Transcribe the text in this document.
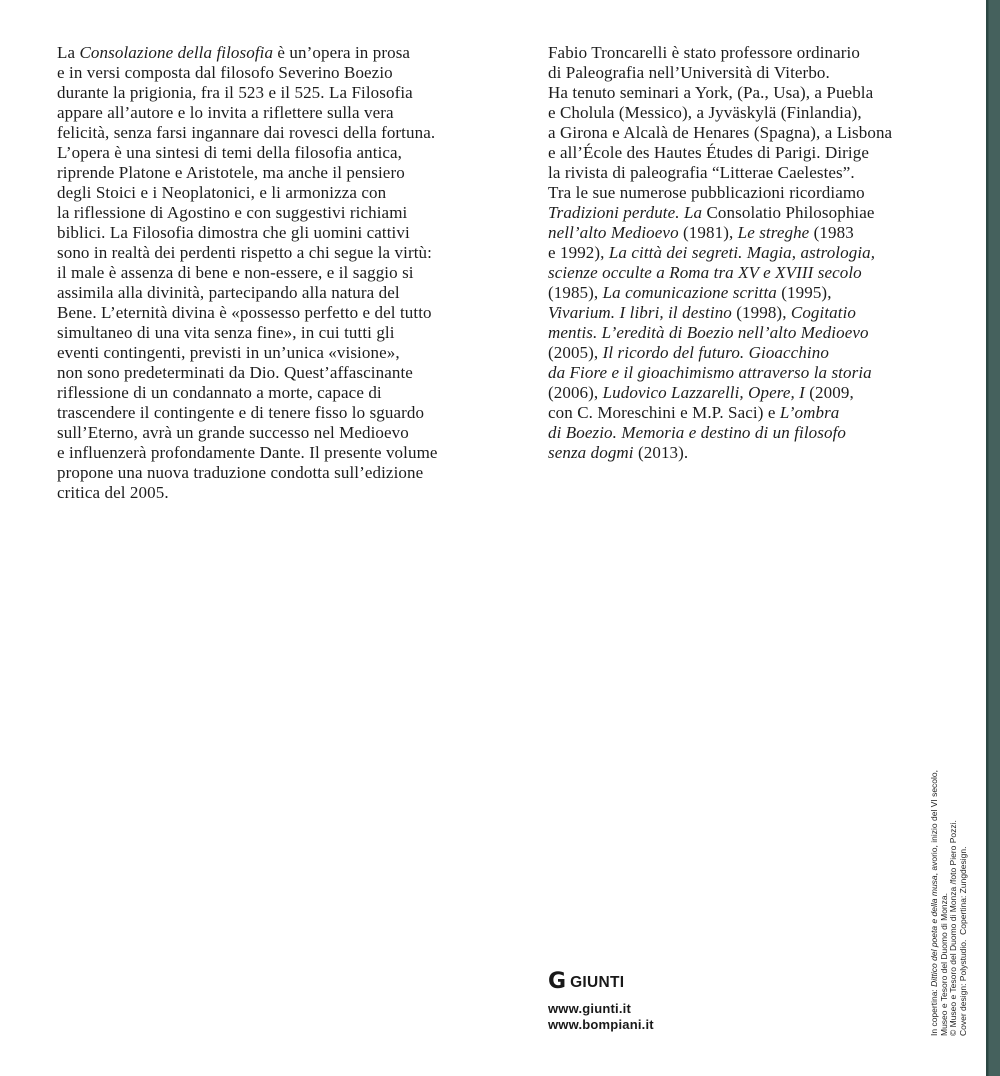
La Consolazione della filosofia è un’opera in prosa
e in versi composta dal filosofo Severino Boezio
durante la prigionia, fra il 523 e il 525. La Filosofia
appare all’autore e lo invita a riflettere sulla vera
felicità, senza farsi ingannare dai rovesci della fortuna.
L’opera è una sintesi di temi della filosofia antica,
riprende Platone e Aristotele, ma anche il pensiero
degli Stoici e i Neoplatonici, e li armonizza con
la riflessione di Agostino e con suggestivi richiami
biblici. La Filosofia dimostra che gli uomini cattivi
sono in realtà dei perdenti rispetto a chi segue la virtù:
il male è assenza di bene e non-essere, e il saggio si
assimila alla divinità, partecipando alla natura del
Bene. L’eternità divina è «possesso perfetto e del tutto
simultaneo di una vita senza fine», in cui tutti gli
eventi contingenti, previsti in un’unica «visione»,
non sono predeterminati da Dio. Quest’affascinante
riflessione di un condannato a morte, capace di
trascendere il contingente e di tenere fisso lo sguardo
sull’Eterno, avrà un grande successo nel Medioevo
e influenzerà profondamente Dante. Il presente volume
propone una nuova traduzione condotta sull’edizione
critica del 2005.
Fabio Troncarelli è stato professore ordinario
di Paleografia nell’Università di Viterbo.
Ha tenuto seminari a York, (Pa., Usa), a Puebla
e Cholula (Messico), a Jyväskylä (Finlandia),
a Girona e Alcalà de Henares (Spagna), a Lisbona
e all’École des Hautes Études di Parigi. Dirige
la rivista di paleografia “Litterae Caelestes”.
Tra le sue numerose pubblicazioni ricordiamo
Tradizioni perdute. La Consolatio Philosophiae
nell’alto Medioevo (1981), Le streghe (1983
e 1992), La città dei segreti. Magia, astrologia,
scienze occulte a Roma tra XV e XVIII secolo
(1985), La comunicazione scritta (1995),
Vivarium. I libri, il destino (1998), Cogitatio
mentis. L’eredità di Boezio nell’alto Medioevo
(2005), Il ricordo del futuro. Gioacchino
da Fiore e il gioachimismo attraverso la storia
(2006), Ludovico Lazzarelli, Opere, I (2009,
con C. Moreschini e M.P. Saci) e L’ombra
di Boezio. Memoria e destino di un filosofo
senza dogmi (2013).
G GIUNTI
www.giunti.it
www.bompiani.it	In copertina: Dittico del poeta e della musa, avorio, inizio del VI secolo,
Museo e Tesoro del Duomo di Monza. © Museo e Tesoro del Duomo di Monza /foto Piero Pozzi. Cover design: Polystudio.  Copertina: Zungdesign.
